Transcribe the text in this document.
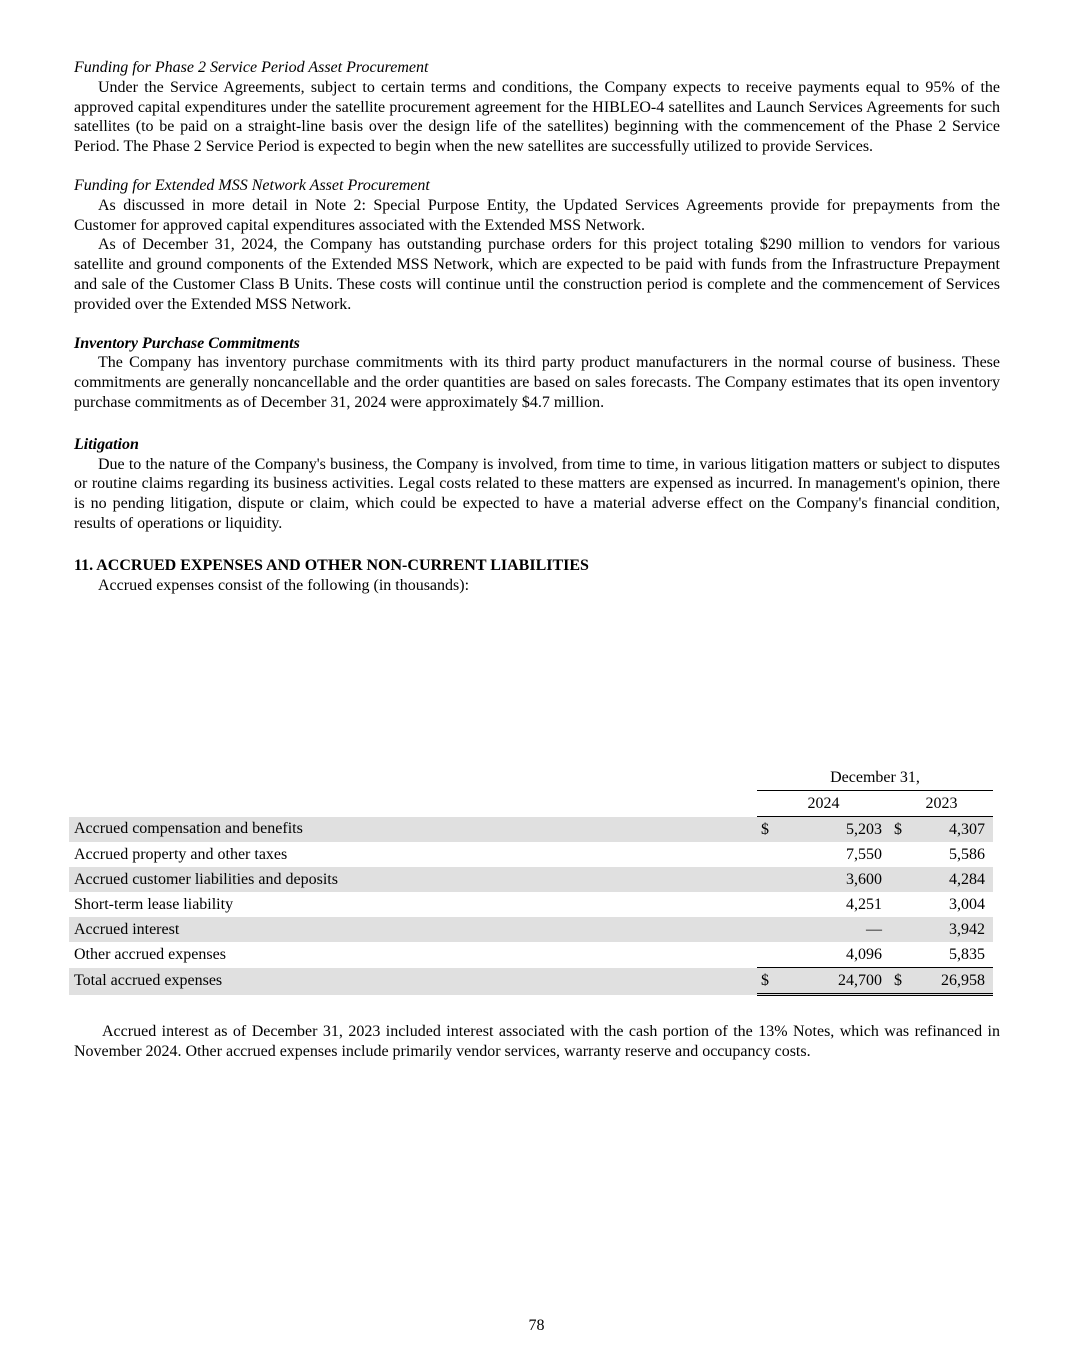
Funding for Phase 2 Service Period Asset Procurement

Under the Service Agreements, subject to certain terms and conditions, the Company expects to receive payments equal to 95% of the approved capital expenditures under the satellite procurement agreement for the HIBLEO-4 satellites and Launch Services Agreements for such satellites (to be paid on a straight-line basis over the design life of the satellites) beginning with the commencement of the Phase 2 Service Period. The Phase 2 Service Period is expected to begin when the new satellites are successfully utilized to provide Services.

Funding for Extended MSS Network Asset Procurement

As discussed in more detail in Note 2: Special Purpose Entity, the Updated Services Agreements provide for prepayments from the Customer for approved capital expenditures associated with the Extended MSS Network.

As of December 31, 2024, the Company has outstanding purchase orders for this project totaling $290 million to vendors for various satellite and ground components of the Extended MSS Network, which are expected to be paid with funds from the Infrastructure Prepayment and sale of the Customer Class B Units. These costs will continue until the construction period is complete and the commencement of Services provided over the Extended MSS Network.

Inventory Purchase Commitments

The Company has inventory purchase commitments with its third party product manufacturers in the normal course of business. These commitments are generally noncancellable and the order quantities are based on sales forecasts. The Company estimates that its open inventory purchase commitments as of December 31, 2024 were approximately $4.7 million.

Litigation

Due to the nature of the Company's business, the Company is involved, from time to time, in various litigation matters or subject to disputes or routine claims regarding its business activities. Legal costs related to these matters are expensed as incurred. In management's opinion, there is no pending litigation, dispute or claim, which could be expected to have a material adverse effect on the Company's financial condition, results of operations or liquidity.

11. ACCRUED EXPENSES AND OTHER NON-CURRENT LIABILITIES

Accrued expenses consist of the following (in thousands):

	December 31,			
	2024		2023	
Accrued compensation and benefits	$	5,203	$	4,307
Accrued property and other taxes		7,550		5,586
Accrued customer liabilities and deposits		3,600		4,284
Short-term lease liability		4,251		3,004
Accrued interest		—		3,942
Other accrued expenses		4,096		5,835
Total accrued expenses	$	24,700	$	26,958

Accrued interest as of December 31, 2023 included interest associated with the cash portion of the 13% Notes, which was refinanced in November 2024. Other accrued expenses include primarily vendor services, warranty reserve and occupancy costs.

78
